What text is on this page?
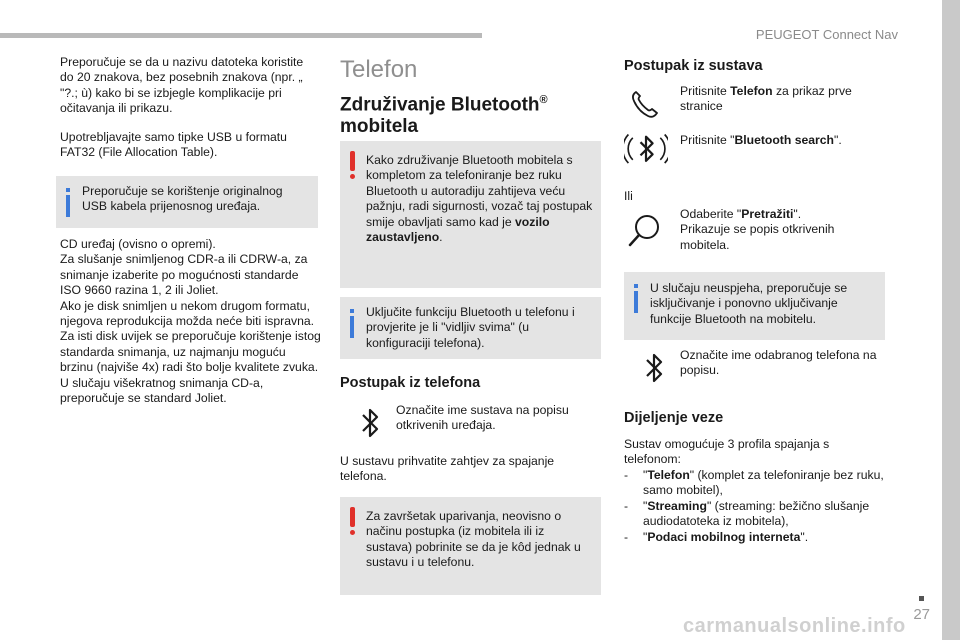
PEUGEOT Connect Nav

Preporučuje se da u nazivu datoteka koristite do 20 znakova, bez posebnih znakova (npr. „ "?.; ù) kako bi se izbjegle komplikacije pri očitavanja ili prikazu.

Upotrebljavajte samo tipke USB u formatu FAT32 (File Allocation Table).

Preporučuje se korištenje originalnog USB kabela prijenosnog uređaja.

CD uređaj (ovisno o opremi).
Za slušanje snimljenog CDR-a ili CDRW-a, za snimanje izaberite po mogućnosti standarde ISO 9660 razina 1, 2 ili Joliet.
Ako je disk snimljen u nekom drugom formatu, njegova reprodukcija možda neće biti ispravna.
Za isti disk uvijek se preporučuje korištenje istog standarda snimanja, uz najmanju moguću brzinu (najviše 4x) radi što bolje kvalitete zvuka.
U slučaju višekratnog snimanja CD-a, preporučuje se standard Joliet.

Telefon
Združivanje Bluetooth®
mobitela
Kako združivanje Bluetooth mobitela s kompletom za telefoniranje bez ruku Bluetooth u autoradiju zahtijeva veću pažnju, radi sigurnosti, vozač taj postupak smije obavljati samo kad je vozilo zaustavljeno.
Uključite funkciju Bluetooth u telefonu i provjerite je li "vidljiv svima" (u konfiguraciji telefona).
Postupak iz telefona
Označite ime sustava na popisu otkrivenih uređaja.

U sustavu prihvatite zahtjev za spajanje telefona.

Za završetak uparivanja, neovisno o načinu postupka (iz mobitela ili iz sustava) pobrinite se da je kôd jednak u sustavu i u telefonu.
Postupak iz sustava
Pritisnite Telefon za prikaz prve stranice
Pritisnite "Bluetooth search".

Ili

Odaberite "Pretražiti".
Prikazuje se popis otkrivenih mobitela.
U slučaju neuspjeha, preporučuje se isključivanje i ponovno uključivanje funkcije Bluetooth na mobitelu.
Označite ime odabranog telefona na popisu.
Dijeljenje veze

Sustav omogućuje 3 profila spajanja s telefonom:

-	"Telefon" (komplet za telefoniranje bez ruku, samo mobitel),
-	"Streaming" (streaming: bežično slušanje audiodatoteka iz mobitela),
-	"Podaci mobilnog interneta".
27
carmanualsonline.info
